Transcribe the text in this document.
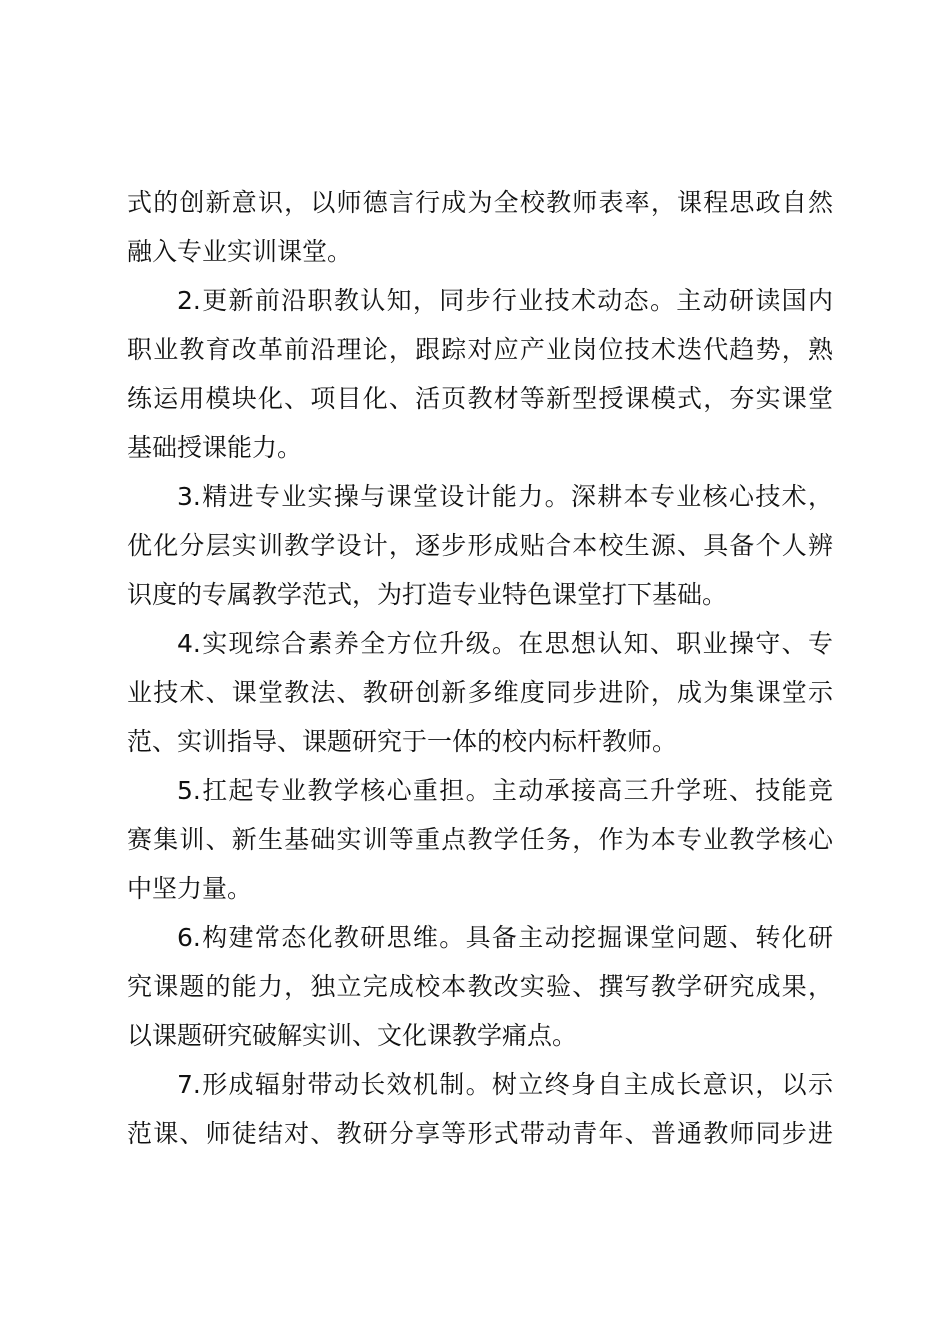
式的创新意识，以师德言行成为全校教师表率，课程思政自然
融入专业实训课堂。
2.更新前沿职教认知，同步行业技术动态。主动研读国内
职业教育改革前沿理论，跟踪对应产业岗位技术迭代趋势，熟
练运用模块化、项目化、活页教材等新型授课模式，夯实课堂
基础授课能力。
3.精进专业实操与课堂设计能力。深耕本专业核心技术，
优化分层实训教学设计，逐步形成贴合本校生源、具备个人辨
识度的专属教学范式，为打造专业特色课堂打下基础。
4.实现综合素养全方位升级。在思想认知、职业操守、专
业技术、课堂教法、教研创新多维度同步进阶，成为集课堂示
范、实训指导、课题研究于一体的校内标杆教师。
5.扛起专业教学核心重担。主动承接高三升学班、技能竞
赛集训、新生基础实训等重点教学任务，作为本专业教学核心
中坚力量。
6.构建常态化教研思维。具备主动挖掘课堂问题、转化研
究课题的能力，独立完成校本教改实验、撰写教学研究成果，
以课题研究破解实训、文化课教学痛点。
7.形成辐射带动长效机制。树立终身自主成长意识，以示
范课、师徒结对、教研分享等形式带动青年、普通教师同步进
